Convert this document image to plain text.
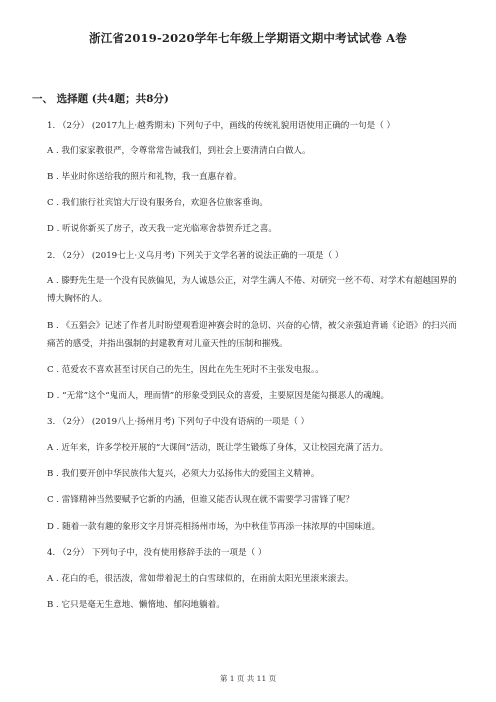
浙江省2019-2020学年七年级上学期语文期中考试试卷 A卷
一、 选择题 (共4题；共8分)
1. （2分） (2017九上·越秀期末) 下列句子中，画线的传统礼貌用语使用正确的一句是（ ）
A . 我们家家教很严，令尊常常告诫我们，到社会上要清清白白做人。
B . 毕业时你送给我的照片和礼物，我一直惠存着。
C . 我们旅行社宾馆大厅设有服务台，欢迎各位旅客垂询。
D . 听说你新买了房子，改天我一定光临寒舍恭贺乔迁之喜。
2. （2分） (2019七上·义乌月考) 下列关于文学名著的说法正确的一项是（ ）
A . 滕野先生是一个没有民族偏见，为人诚恳公正，对学生满人不倦、对研究一丝不苟、对学术有超越国界的
博大胸怀的人。
B . 《五猖会》记述了作者儿时盼望观看迎神赛会时的急切、兴奋的心情，被父亲强迫背诵《论语》的扫兴而
痛苦的感受，并指出强制的封建教育对儿童天性的压制和摧残。
C . 范爱农不喜欢甚至讨厌自己的先生，因此在先生死时不主张发电报。。
D . “无常”这个“鬼而人，理而情”的形象受到民众的喜爱，主要原因是能勾摄恶人的魂魄。
3. （2分） (2019八上·扬州月考) 下列句子中没有语病的一项是（ ）
A . 近年来，许多学校开展的“大课间”活动，既让学生锻炼了身体，又让校园充满了活力。
B . 我们要开创中华民族伟大复兴，必须大力弘扬伟大的爱国主义精神。
C . 雷锋精神当然要赋予它新的内涵，但谁又能否认现在就不需要学习雷锋了呢？
D . 随着一款有趣的象形文字月饼亮相扬州市场，为中秋佳节再添一抹浓厚的中国味道。
4. （2分） 下列句子中，没有使用修辞手法的一项是（ ）
A . 花白的毛，很活泼，常如带着泥土的白雪球似的，在雨前太阳光里滚来滚去。
B . 它只是毫无生意地、懒惰地、郁闷地躺着。
第 1 页 共 11 页
